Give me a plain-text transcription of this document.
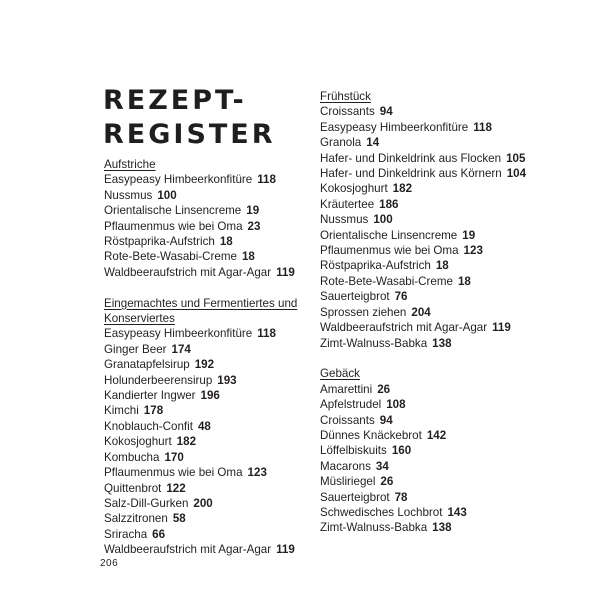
REZEPT-
REGISTER
Aufstriche
Easypeasy Himbeerkonfitüre 118
Nussmus 100
Orientalische Linsencreme 19
Pflaumenmus wie bei Oma 23
Röstpaprika-Aufstrich 18
Rote-Bete-Wasabi-Creme 18
Waldbeeraufstrich mit Agar-Agar 119
Eingemachtes und Fermentiertes und Konserviertes
Easypeasy Himbeerkonfitüre 118
Ginger Beer 174
Granatapfelsirup 192
Holunderbeerensirup 193
Kandierter Ingwer 196
Kimchi 178
Knoblauch-Confit 48
Kokosjoghurt 182
Kombucha 170
Pflaumenmus wie bei Oma 123
Quittenbrot 122
Salz-Dill-Gurken 200
Salzzitronen 58
Sriracha 66
Waldbeeraufstrich mit Agar-Agar 119
Frühstück
Croissants 94
Easypeasy Himbeerkonfitüre 118
Granola 14
Hafer- und Dinkeldrink aus Flocken 105
Hafer- und Dinkeldrink aus Körnern 104
Kokosjoghurt 182
Kräutertee 186
Nussmus 100
Orientalische Linsencreme 19
Pflaumenmus wie bei Oma 123
Röstpaprika-Aufstrich 18
Rote-Bete-Wasabi-Creme 18
Sauerteigbrot 76
Sprossen ziehen 204
Waldbeeraufstrich mit Agar-Agar 119
Zimt-Walnuss-Babka 138
Gebäck
Amarettini 26
Apfelstrudel 108
Croissants 94
Dünnes Knäckebrot 142
Löffelbiskuits 160
Macarons 34
Müsliriegel 26
Sauerteigbrot 78
Schwedisches Lochbrot 143
Zimt-Walnuss-Babka 138
206
